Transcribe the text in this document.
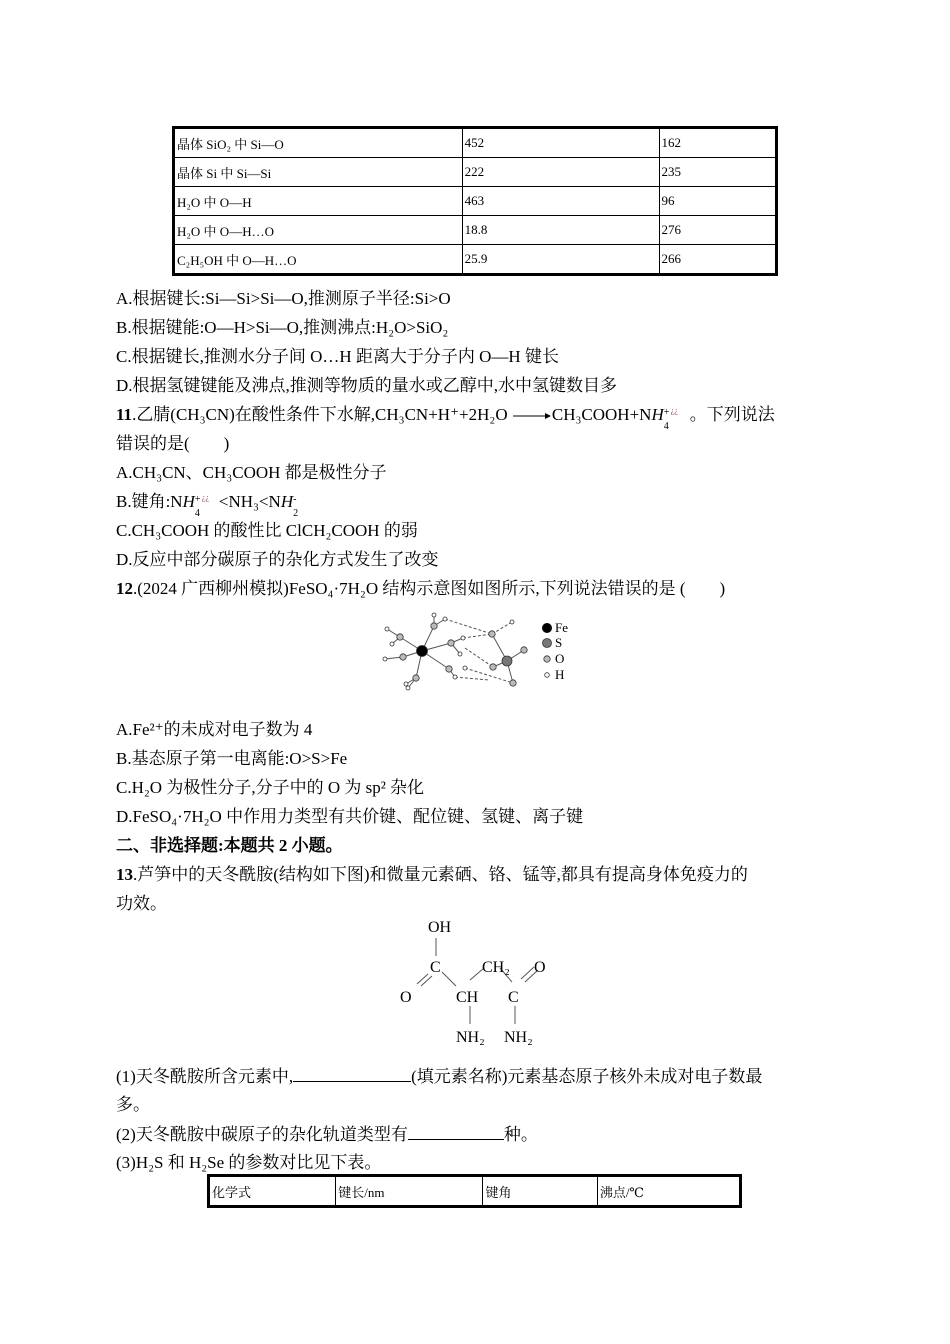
晶体 SiO₂ 中 Si—O	452	162
晶体 Si 中 Si—Si	222	235
H₂O 中 O—H	463	96
H₂O 中 O—H…O	18.8	276
C₂H₅OH 中 O—H…O	25.9	266
A.根据键长:Si—Si>Si—O,推测原子半径:Si>O
B.根据键能:O—H>Si—O,推测沸点:H₂O>SiO₂
C.根据键长,推测水分子间 O…H 距离大于分子内 O—H 键长
D.根据氢键键能及沸点,推测等物质的量水或乙醇中,水中氢键数目多
11.乙腈(CH₃CN)在酸性条件下水解,CH₃CN+H⁺+2H₂O →CH₃COOH+NH + ¿¿
4
。下列说法
错误的是(　　)
A.CH₃CN、CH₃COOH 都是极性分子
B.键角:NH + ¿¿
4
<NH₃<NH -
2
C.CH₃COOH 的酸性比 ClCH₂COOH 的弱
D.反应中部分碳原子的杂化方式发生了改变
12.(2024 广西柳州模拟)FeSO₄·7H₂O 结构示意图如图所示,下列说法错误的是 (　　)
Fe
S
O
H
A.Fe²⁺的未成对电子数为 4
B.基态原子第一电离能:O>S>Fe
C.H₂O 为极性分子,分子中的 O 为 sp² 杂化
D.FeSO₄·7H₂O 中作用力类型有共价键、配位键、氢键、离子键
二、非选择题:本题共 2 小题。
13.芦笋中的天冬酰胺(结构如下图)和微量元素硒、铬、锰等,都具有提高身体免疫力的
功效。
OH
C	CH₂ O
O	CH C
NH₂ NH₂
(1)天冬酰胺所含元素中,	(填元素名称)元素基态原子核外未成对电子数最
多。
(2)天冬酰胺中碳原子的杂化轨道类型有	种。
(3)H₂S 和 H₂Se 的参数对比见下表。
化学式	键长/nm	键角	沸点/℃
